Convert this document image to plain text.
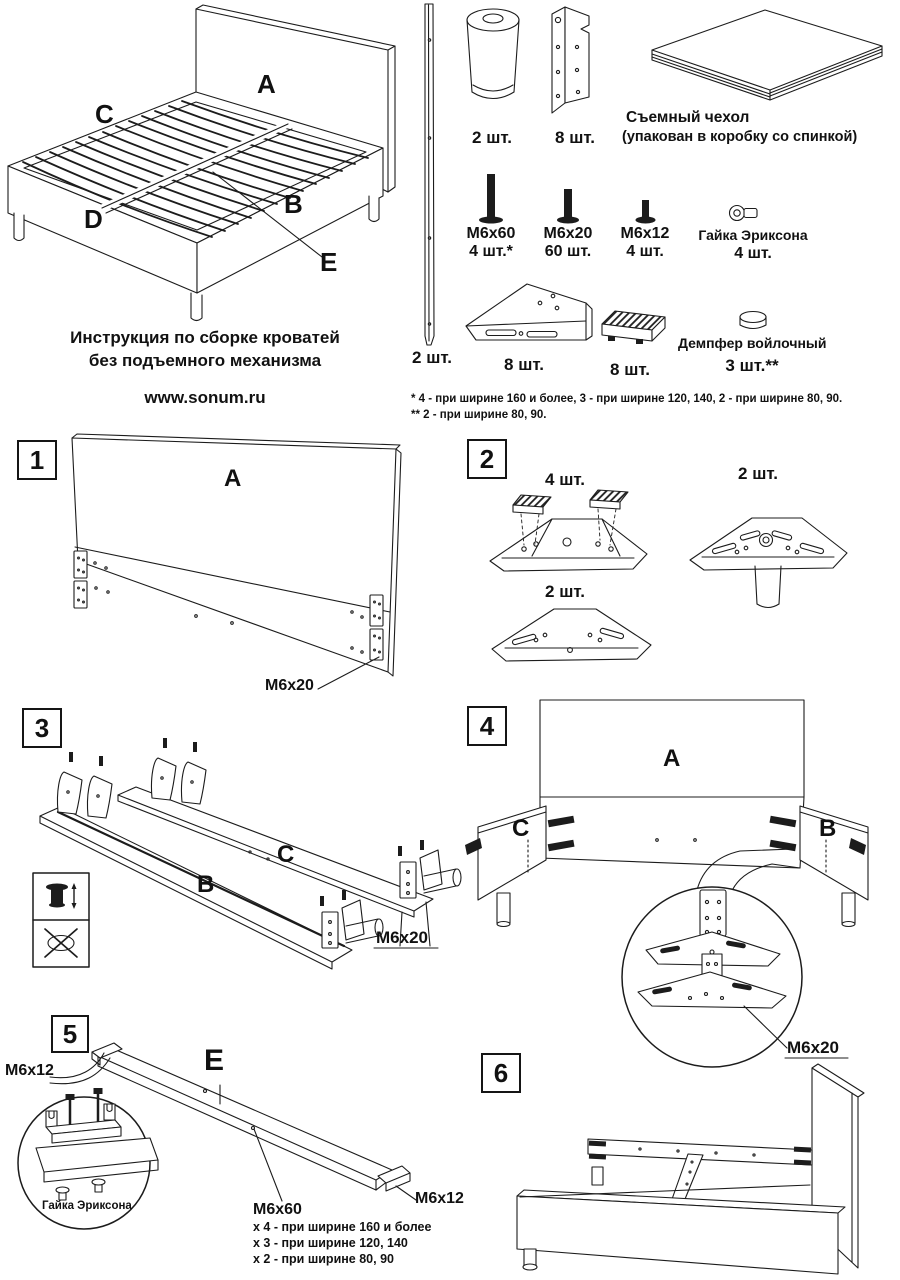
A
C
D	B
E
Инструкция по сборке кроватей
без подъемного механизма
www.sonum.ru
2 шт.
2 шт.	8 шт.
Съемный чехол
(упакован в коробку со спинкой)
М6х60
4 шт.*
М6х20
60 шт.
М6х12
4 шт.
Гайка Эриксона
4 шт.
8 шт.	8 шт.
Демпфер войлочный
3 шт.**
* 4 - при ширине 160 и более, 3 - при ширине 120, 140, 2 - при ширине 80, 90.
** 2 - при ширине 80, 90.
1	2
3	4
5
6
A
М6х20
4 шт.	2 шт.
2 шт.
C
B
M6x20
A
C	B
M6x20
M6x12	E
Гайка Эриксона	M6x60
x 4 - при ширине 160 и более
x 3 - при ширине 120, 140
x 2 - при ширине 80, 90
M6x12
